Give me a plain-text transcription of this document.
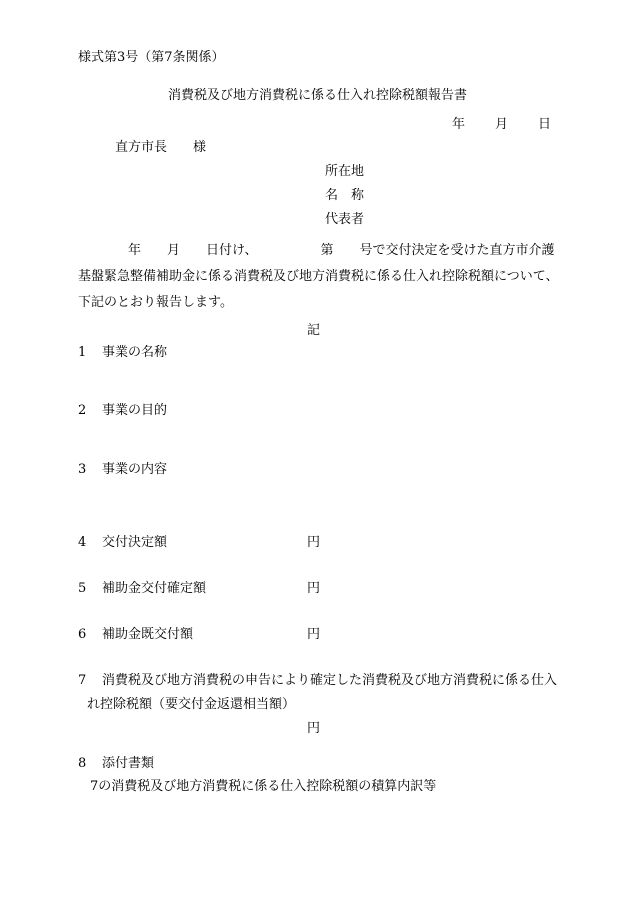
様式第3号（第7条関係）
消費税及び地方消費税に係る仕入れ控除税額報告書
年 月 日
直方市長 様
所在地
名　称
代表者
年 月 日付け、	第 号で交付決定を受けた直方市介護
基盤緊急整備補助金に係る消費税及び地方消費税に係る仕入れ控除税額について、
下記のとおり報告します。
記
1 事業の名称
2 事業の目的
3 事業の内容
4 交付決定額	円
5 補助金交付確定額	円
6 補助金既交付額	円
7 消費税及び地方消費税の申告により確定した消費税及び地方消費税に係る仕入
れ控除税額（要交付金返還相当額）
円
8 添付書類
7の消費税及び地方消費税に係る仕入控除税額の積算内訳等
